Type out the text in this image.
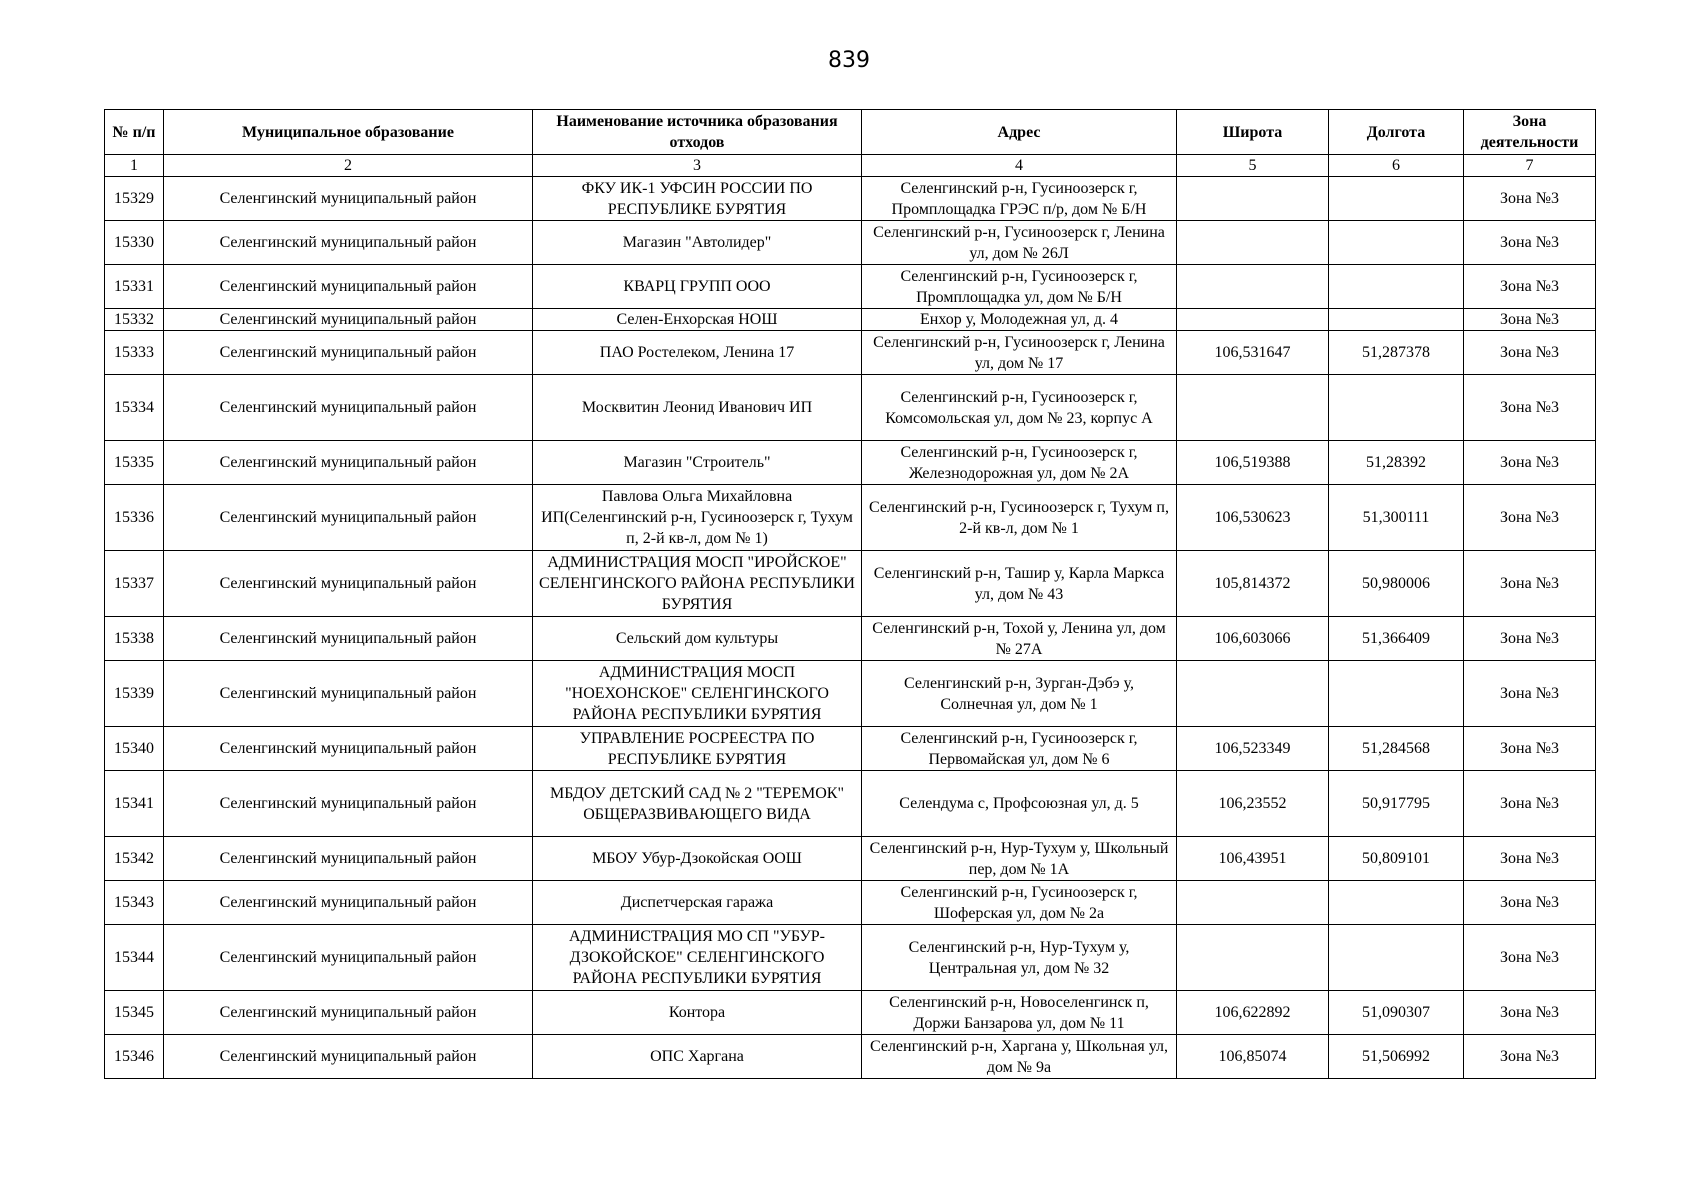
839
№ п/п	Муниципальное образование	Наименование источника образования отходов	Адрес	Широта	Долгота	Зона деятельности
1	2	3	4	5	6	7
15329	Селенгинский муниципальный район	ФКУ ИК-1 УФСИН РОССИИ ПО РЕСПУБЛИКЕ БУРЯТИЯ	Селенгинский р-н, Гусиноозерск г, Промплощадка ГРЭС п/р, дом № Б/Н			Зона №3
15330	Селенгинский муниципальный район	Магазин "Автолидер"	Селенгинский р-н, Гусиноозерск г, Ленина ул, дом № 26Л			Зона №3
15331	Селенгинский муниципальный район	КВАРЦ ГРУПП ООО	Селенгинский р-н, Гусиноозерск г, Промплощадка ул, дом № Б/Н			Зона №3
15332	Селенгинский муниципальный район	Селен-Енхорская НОШ	Енхор у, Молодежная ул, д. 4			Зона №3
15333	Селенгинский муниципальный район	ПАО Ростелеком, Ленина 17	Селенгинский р-н, Гусиноозерск г, Ленина ул, дом № 17	106,531647	51,287378	Зона №3
15334	Селенгинский муниципальный район	Москвитин Леонид Иванович ИП	Селенгинский р-н, Гусиноозерск г, Комсомольская ул, дом № 23, корпус А			Зона №3
15335	Селенгинский муниципальный район	Магазин "Строитель"	Селенгинский р-н, Гусиноозерск г, Железнодорожная ул, дом № 2А	106,519388	51,28392	Зона №3
15336	Селенгинский муниципальный район	Павлова Ольга Михайловна ИП(Селенгинский р-н, Гусиноозерск г, Тухум п, 2-й кв-л, дом № 1)	Селенгинский р-н, Гусиноозерск г, Тухум п, 2-й кв-л, дом № 1	106,530623	51,300111	Зона №3
15337	Селенгинский муниципальный район	АДМИНИСТРАЦИЯ МОСП "ИРОЙСКОЕ" СЕЛЕНГИНСКОГО РАЙОНА РЕСПУБЛИКИ БУРЯТИЯ	Селенгинский р-н, Ташир у, Карла Маркса ул, дом № 43	105,814372	50,980006	Зона №3
15338	Селенгинский муниципальный район	Сельский дом культуры	Селенгинский р-н, Тохой у, Ленина ул, дом № 27А	106,603066	51,366409	Зона №3
15339	Селенгинский муниципальный район	АДМИНИСТРАЦИЯ МОСП "НОЕХОНСКОЕ" СЕЛЕНГИНСКОГО РАЙОНА РЕСПУБЛИКИ БУРЯТИЯ	Селенгинский р-н, Зурган-Дэбэ у, Солнечная ул, дом № 1			Зона №3
15340	Селенгинский муниципальный район	УПРАВЛЕНИЕ РОСРЕЕСТРА ПО РЕСПУБЛИКЕ БУРЯТИЯ	Селенгинский р-н, Гусиноозерск г, Первомайская ул, дом № 6	106,523349	51,284568	Зона №3
15341	Селенгинский муниципальный район	МБДОУ ДЕТСКИЙ САД № 2 "ТЕРЕМОК" ОБЩЕРАЗВИВАЮЩЕГО ВИДА	Селендума с, Профсоюзная ул, д. 5	106,23552	50,917795	Зона №3
15342	Селенгинский муниципальный район	МБОУ Убур-Дзокойская ООШ	Селенгинский р-н, Нур-Тухум у, Школьный пер, дом № 1А	106,43951	50,809101	Зона №3
15343	Селенгинский муниципальный район	Диспетчерская гаража	Селенгинский р-н, Гусиноозерск г, Шоферская ул, дом № 2а			Зона №3
15344	Селенгинский муниципальный район	АДМИНИСТРАЦИЯ МО СП "УБУР-ДЗОКОЙСКОЕ" СЕЛЕНГИНСКОГО РАЙОНА РЕСПУБЛИКИ БУРЯТИЯ	Селенгинский р-н, Нур-Тухум у, Центральная ул, дом № 32			Зона №3
15345	Селенгинский муниципальный район	Контора	Селенгинский р-н, Новоселенгинск п, Доржи Банзарова ул, дом № 11	106,622892	51,090307	Зона №3
15346	Селенгинский муниципальный район	ОПС Харгана	Селенгинский р-н, Харгана у, Школьная ул, дом № 9а	106,85074	51,506992	Зона №3
